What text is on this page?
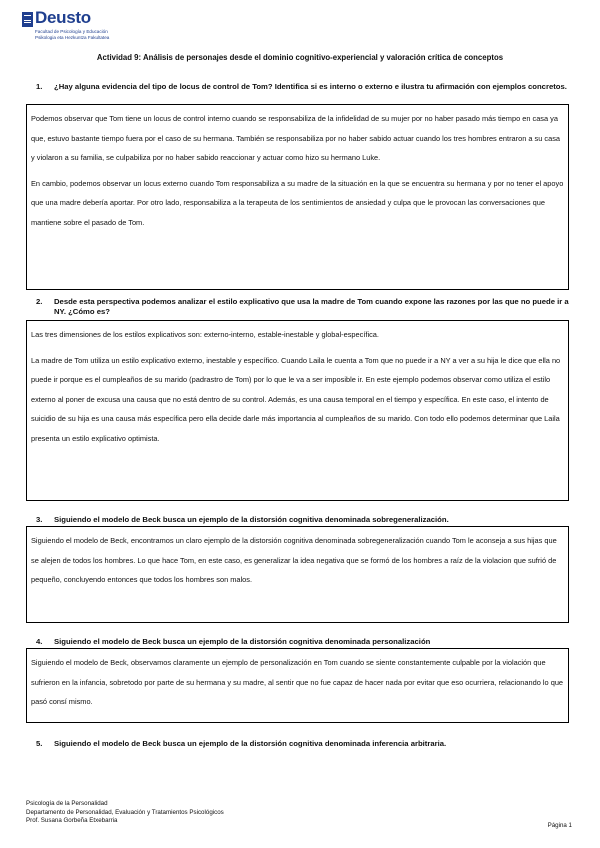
Deusto
Facultad de Psicología y Educación
Psikologia eta Hezkuntza Fakultatea
Actividad 9: Análisis de personajes desde el dominio cognitivo-experiencial y valoración crítica de conceptos
1. ¿Hay alguna evidencia del tipo de locus de control de Tom? Identifica si es interno o externo e ilustra tu afirmación con ejemplos concretos.

Podemos observar que Tom tiene un locus de control interno cuando se responsabiliza de la infidelidad de su mujer por no haber pasado más tiempo en casa ya que, estuvo bastante tiempo fuera por el caso de su hermana. También se responsabiliza por no haber sabido actuar cuando los tres hombres entraron a su casa y violaron a su familia, se culpabiliza por no haber sabido reaccionar y actuar como hizo su hermano Luke.

En cambio, podemos observar un locus externo cuando Tom responsabiliza a su madre de la situación en la que se encuentra su hermana y por no tener el apoyo que una madre debería aportar. Por otro lado, responsabiliza a la terapeuta de los sentimientos de ansiedad y culpa que le provocan las conversaciones que mantiene sobre el pasado de Tom.

2. Desde esta perspectiva podemos analizar el estilo explicativo que usa la madre de Tom cuando expone las razones por las que no puede ir a NY. ¿Cómo es?

Las tres dimensiones de los estilos explicativos son: externo-interno, estable-inestable y global-específica.

La madre de Tom utiliza un estilo explicativo externo, inestable y específico. Cuando Laila le cuenta a Tom que no puede ir a NY a ver a su hija le dice que ella no puede ir porque es el cumpleaños de su marido (padrastro de Tom) por lo que le va a ser imposible ir. En este ejemplo podemos observar como utiliza el estilo externo al poner de excusa una causa que no está dentro de su control. Además, es una causa temporal en el tiempo y específica. En este caso, el intento de suicidio de su hija es una causa más específica pero ella decide darle más importancia al cumpleaños de su marido. Con todo ello podemos determinar que Laila presenta un estilo explicativo optimista.

3. Siguiendo el modelo de Beck busca un ejemplo de la distorsión cognitiva denominada sobregeneralización.

Siguiendo el modelo de Beck, encontramos un claro ejemplo de la distorsión cognitiva denominada sobregeneralización cuando Tom le aconseja a sus hijas que se alejen de todos los hombres. Lo que hace Tom, en este caso, es generalizar la idea negativa que se formó de los hombres a raíz de la violacion que sufrió de pequeño, concluyendo entonces que todos los hombres son malos.

4. Siguiendo el modelo de Beck busca un ejemplo de la distorsión cognitiva denominada personalización

Siguiendo el modelo de Beck, observamos claramente un ejemplo de personalización en Tom cuando se siente constantemente culpable por la violación que sufrieron en la infancia, sobretodo por parte de su hermana y su madre, al sentir que no fue capaz de hacer nada por evitar que eso ocurriera, relacionando lo que pasó consí mismo.

5. Siguiendo el modelo de Beck busca un ejemplo de la distorsión cognitiva denominada inferencia arbitraria.
Psicología de la Personalidad
Departamento de Personalidad, Evaluación y Tratamientos Psicológicos
Prof. Susana Gorbeña Etxebarria
Página 1
